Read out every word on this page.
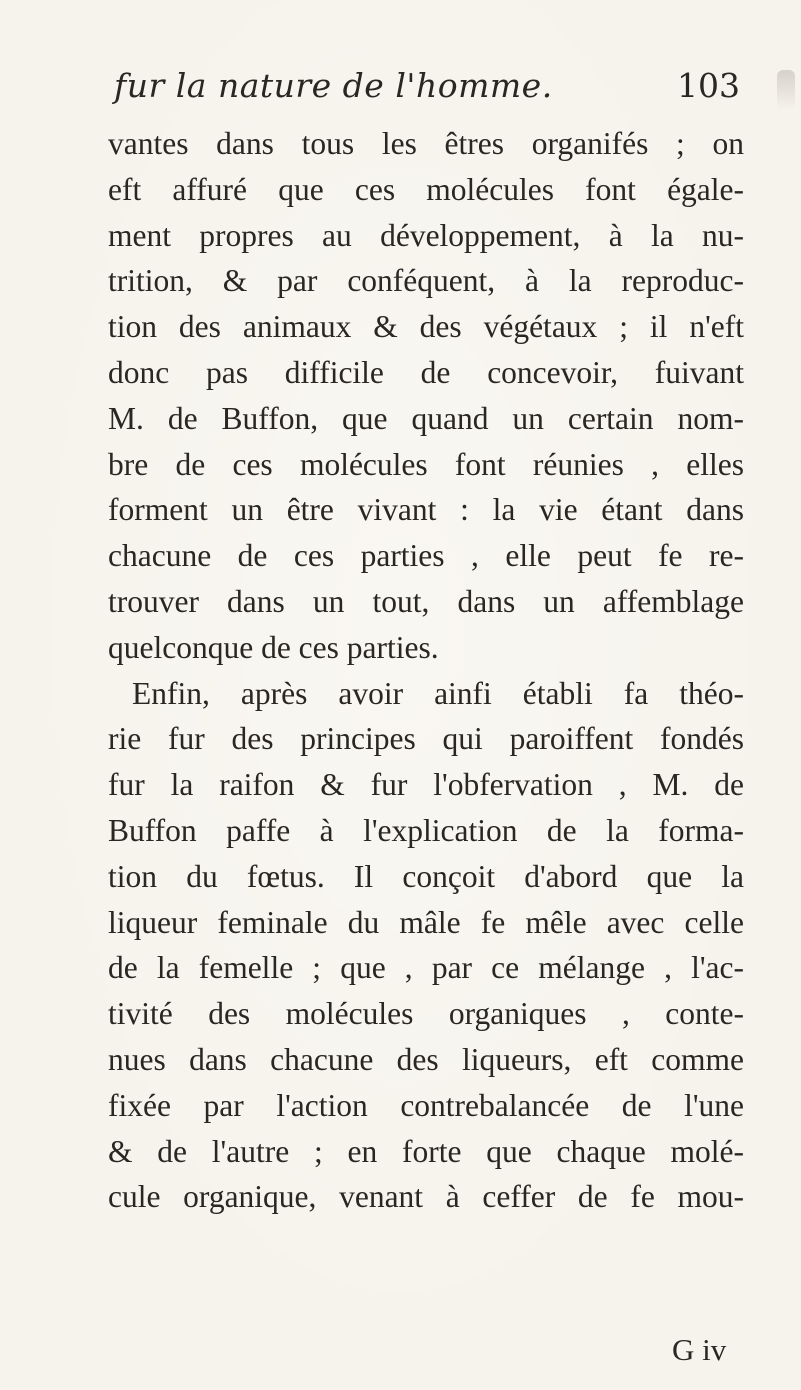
fur la nature de l'homme.	103
vantes dans tous les êtres organifés ; on
eft affuré que ces molécules font égale-
ment propres au développement, à la nu-
trition, & par conféquent, à la reproduc-
tion des animaux & des végétaux ; il n'eft
donc pas difficile de concevoir, fuivant
M. de Buffon, que quand un certain nom-
bre de ces molécules font réunies , elles
forment un être vivant : la vie étant dans
chacune de ces parties , elle peut fe re-
trouver dans un tout, dans un affemblage
quelconque de ces parties.
Enfin, après avoir ainfi établi fa théo-
rie fur des principes qui paroiffent fondés
fur la raifon & fur l'obfervation , M. de
Buffon paffe à l'explication de la forma-
tion du fœtus. Il conçoit d'abord que la
liqueur feminale du mâle fe mêle avec celle
de la femelle ; que , par ce mélange , l'ac-
tivité des molécules organiques , conte-
nues dans chacune des liqueurs, eft comme
fixée par l'action contrebalancée de l'une
& de l'autre ; en forte que chaque molé-
cule organique, venant à ceffer de fe mou-
G iv
